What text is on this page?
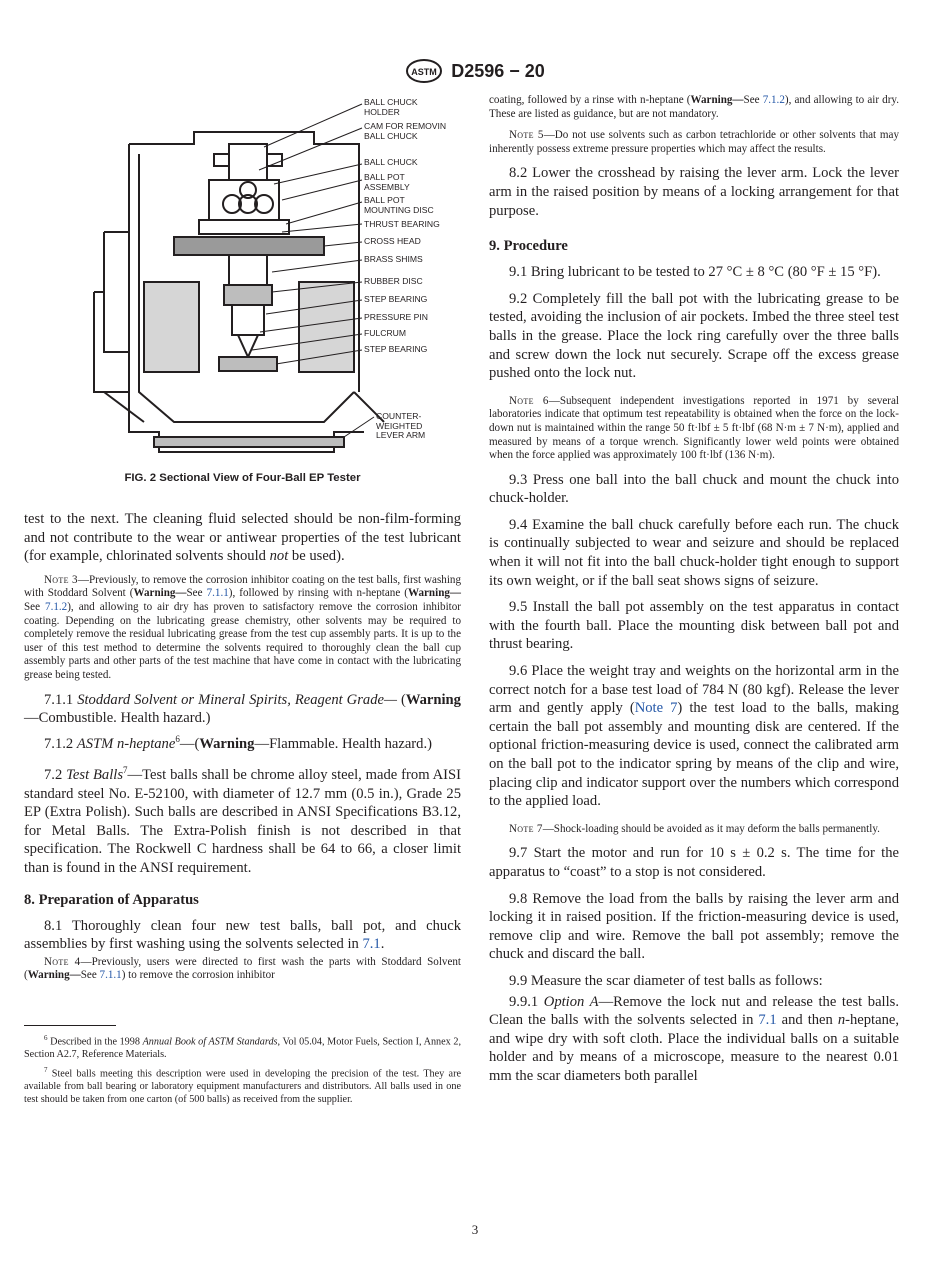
ASTM D2596 − 20
BALL CHUCK
HOLDER
CAM FOR REMOVIN
BALL CHUCK
BALL CHUCK
BALL POT
ASSEMBLY
BALL POT
MOUNTING DISC
THRUST BEARING
CROSS HEAD
BRASS SHIMS
RUBBER DISC
STEP BEARING
PRESSURE PIN
FULCRUM
STEP BEARING
COUNTER-
WEIGHTED
LEVER ARM
FIG. 2 Sectional View of Four-Ball EP Tester

test to the next. The cleaning fluid selected should be non-film-forming and not contribute to the wear or antiwear properties of the test lubricant (for example, chlorinated solvents should not be used).

Note 3—Previously, to remove the corrosion inhibitor coating on the test balls, first washing with Stoddard Solvent (Warning—See 7.1.1), followed by rinsing with n-heptane (Warning—See 7.1.2), and allowing to air dry has proven to satisfactory remove the corrosion inhibitor coating. Depending on the lubricating grease chemistry, other solvents may be required to completely remove the residual lubricating grease from the test cup assembly parts. It is up to the user of this test method to determine the solvents required to thoroughly clean the ball cup assembly parts and other parts of the test machine that have come in contact with the lubricating grease being tested.

7.1.1 Stoddard Solvent or Mineral Spirits, Reagent Grade— (Warning—Combustible. Health hazard.)

7.1.2 ASTM n-heptane$^6$—(Warning—Flammable. Health hazard.)

7.2 Test Balls$^7$—Test balls shall be chrome alloy steel, made from AISI standard steel No. E-52100, with diameter of 12.7 mm (0.5 in.), Grade 25 EP (Extra Polish). Such balls are described in ANSI Specifications B3.12, for Metal Balls. The Extra-Polish finish is not described in that specification. The Rockwell C hardness shall be 64 to 66, a closer limit than is found in the ANSI requirement.

8. Preparation of Apparatus

8.1 Thoroughly clean four new test balls, ball pot, and chuck assemblies by first washing using the solvents selected in 7.1.

Note 4—Previously, users were directed to first wash the parts with Stoddard Solvent (Warning—See 7.1.1) to remove the corrosion inhibitor

$^6$ Described in the 1998 Annual Book of ASTM Standards, Vol 05.04, Motor Fuels, Section I, Annex 2, Section A2.7, Reference Materials.

$^7$ Steel balls meeting this description were used in developing the precision of the test. They are available from ball bearing or laboratory equipment manufacturers and distributors. All balls used in one test should be taken from one carton (of 500 balls) as received from the supplier.

coating, followed by a rinse with n-heptane (Warning—See 7.1.2), and allowing to air dry. These are listed as guidance, but are not mandatory.

Note 5—Do not use solvents such as carbon tetrachloride or other solvents that may inherently possess extreme pressure properties which may affect the results.

8.2 Lower the crosshead by raising the lever arm. Lock the lever arm in the raised position by means of a locking arrangement for that purpose.

9. Procedure

9.1 Bring lubricant to be tested to 27 °C ± 8 °C (80 °F ± 15 °F).

9.2 Completely fill the ball pot with the lubricating grease to be tested, avoiding the inclusion of air pockets. Imbed the three steel test balls in the grease. Place the lock ring carefully over the three balls and screw down the lock nut securely. Scrape off the excess grease pushed onto the lock nut.

Note 6—Subsequent independent investigations reported in 1971 by several laboratories indicate that optimum test repeatability is obtained when the force on the lock-down nut is maintained within the range 50 ft·lbf ± 5 ft·lbf (68 N·m ± 7 N·m), applied and measured by means of a torque wrench. Significantly lower weld points were obtained when the force applied was approximately 100 ft·lbf (136 N·m).

9.3 Press one ball into the ball chuck and mount the chuck into chuck-holder.

9.4 Examine the ball chuck carefully before each run. The chuck is continually subjected to wear and seizure and should be replaced when it will not fit into the ball chuck-holder tight enough to support its own weight, or if the ball seat shows signs of seizure.

9.5 Install the ball pot assembly on the test apparatus in contact with the fourth ball. Place the mounting disk between ball pot and thrust bearing.

9.6 Place the weight tray and weights on the horizontal arm in the correct notch for a base test load of 784 N (80 kgf). Release the lever arm and gently apply (Note 7) the test load to the balls, making certain the ball pot assembly and mounting disk are centered. If the optional friction-measuring device is used, connect the calibrated arm on the ball pot to the indicator spring by means of the clip and wire, placing clip and indicator support over the numbers which correspond to the applied load.

Note 7—Shock-loading should be avoided as it may deform the balls permanently.

9.7 Start the motor and run for 10 s ± 0.2 s. The time for the apparatus to “coast” to a stop is not considered.

9.8 Remove the load from the balls by raising the lever arm and locking it in raised position. If the friction-measuring device is used, remove clip and wire. Remove the ball pot assembly; remove the chuck and discard the ball.

9.9 Measure the scar diameter of test balls as follows:

9.9.1 Option A—Remove the lock nut and release the test balls. Clean the balls with the solvents selected in 7.1 and then n-heptane, and wipe dry with soft cloth. Place the individual balls on a suitable holder and by means of a microscope, measure to the nearest 0.01 mm the scar diameters both parallel

3
